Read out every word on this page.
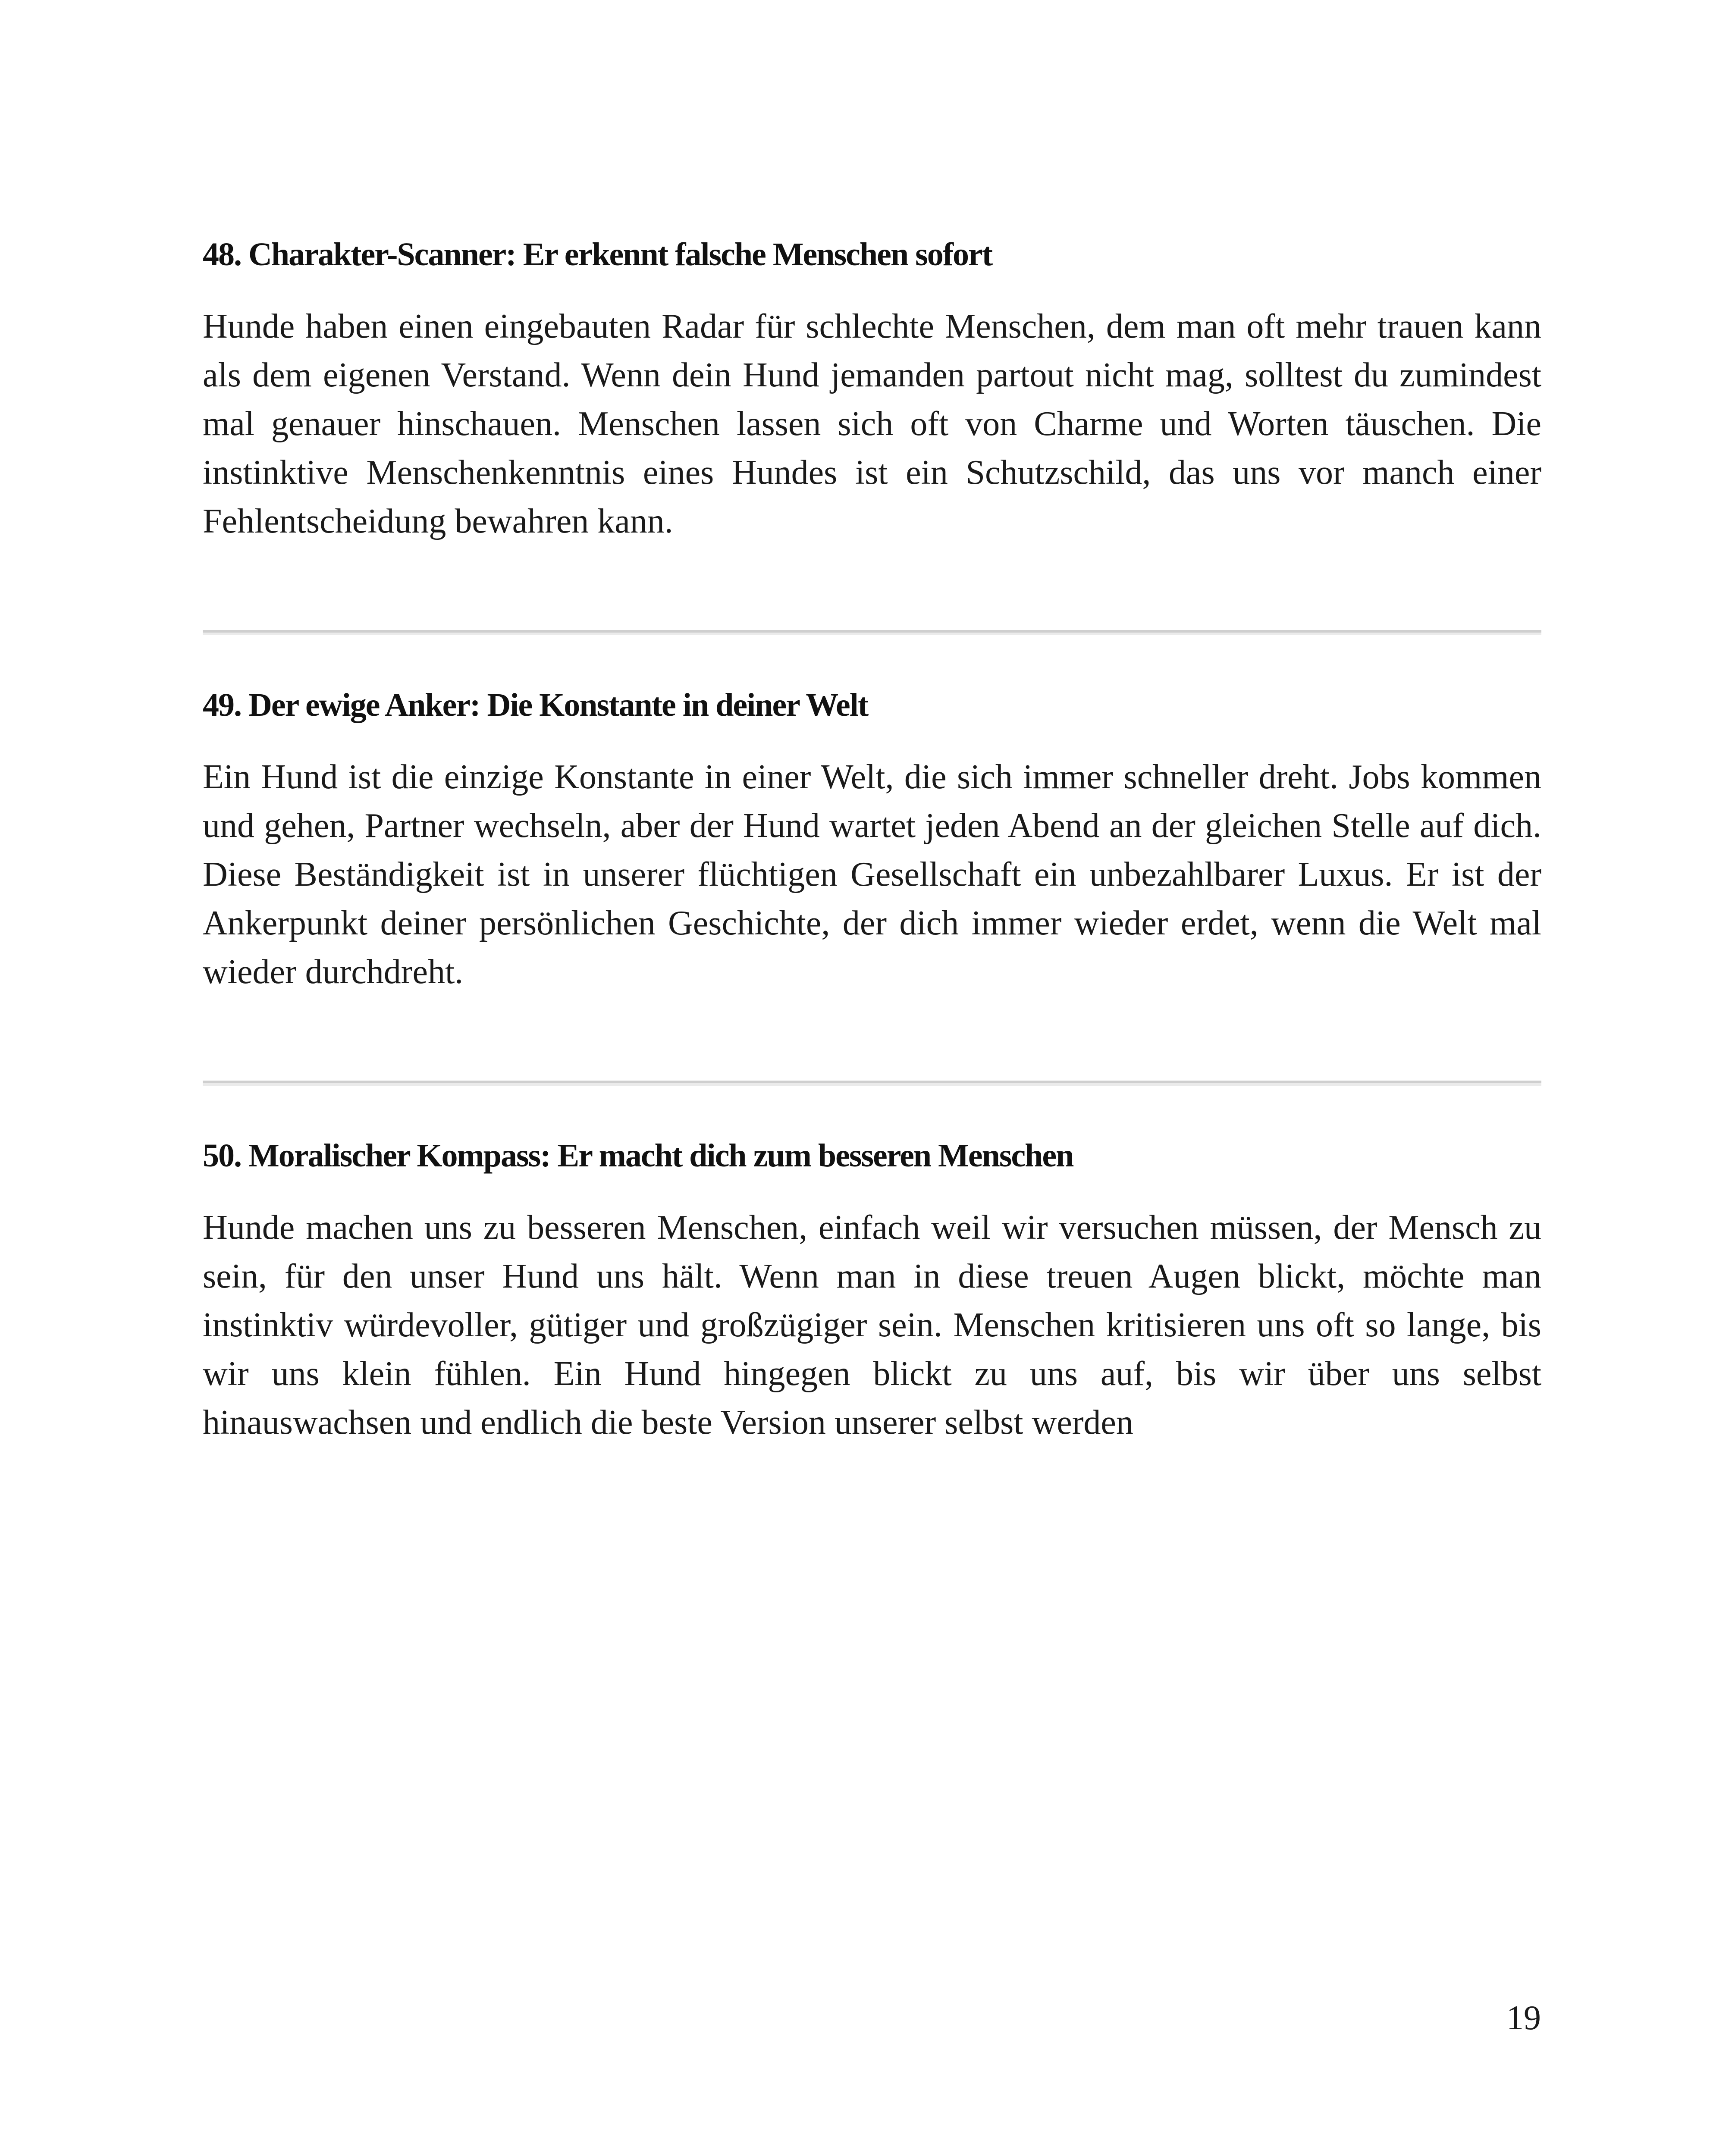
48. Charakter-Scanner: Er erkennt falsche Menschen sofort

Hunde haben einen eingebauten Radar für schlechte Menschen, dem man oft mehr trauen kann als dem eigenen Verstand. Wenn dein Hund jemanden partout nicht mag, solltest du zumindest mal genauer hinschauen. Menschen lassen sich oft von Charme und Worten täuschen. Die instinktive Menschenkenntnis eines Hundes ist ein Schutzschild, das uns vor manch einer Fehlentscheidung bewahren kann.

49. Der ewige Anker: Die Konstante in deiner Welt

Ein Hund ist die einzige Konstante in einer Welt, die sich immer schneller dreht. Jobs kommen und gehen, Partner wechseln, aber der Hund wartet jeden Abend an der gleichen Stelle auf dich. Diese Beständigkeit ist in unserer flüchtigen Gesellschaft ein unbezahlbarer Luxus. Er ist der Ankerpunkt deiner persönlichen Geschichte, der dich immer wieder erdet, wenn die Welt mal wieder durchdreht.

50. Moralischer Kompass: Er macht dich zum besseren Menschen

Hunde machen uns zu besseren Menschen, einfach weil wir versuchen müssen, der Mensch zu sein, für den unser Hund uns hält. Wenn man in diese treuen Augen blickt, möchte man instinktiv würdevoller, gütiger und großzügiger sein. Menschen kritisieren uns oft so lange, bis wir uns klein fühlen. Ein Hund hingegen blickt zu uns auf, bis wir über uns selbst hinauswachsen und endlich die beste Version unserer selbst werden

19
